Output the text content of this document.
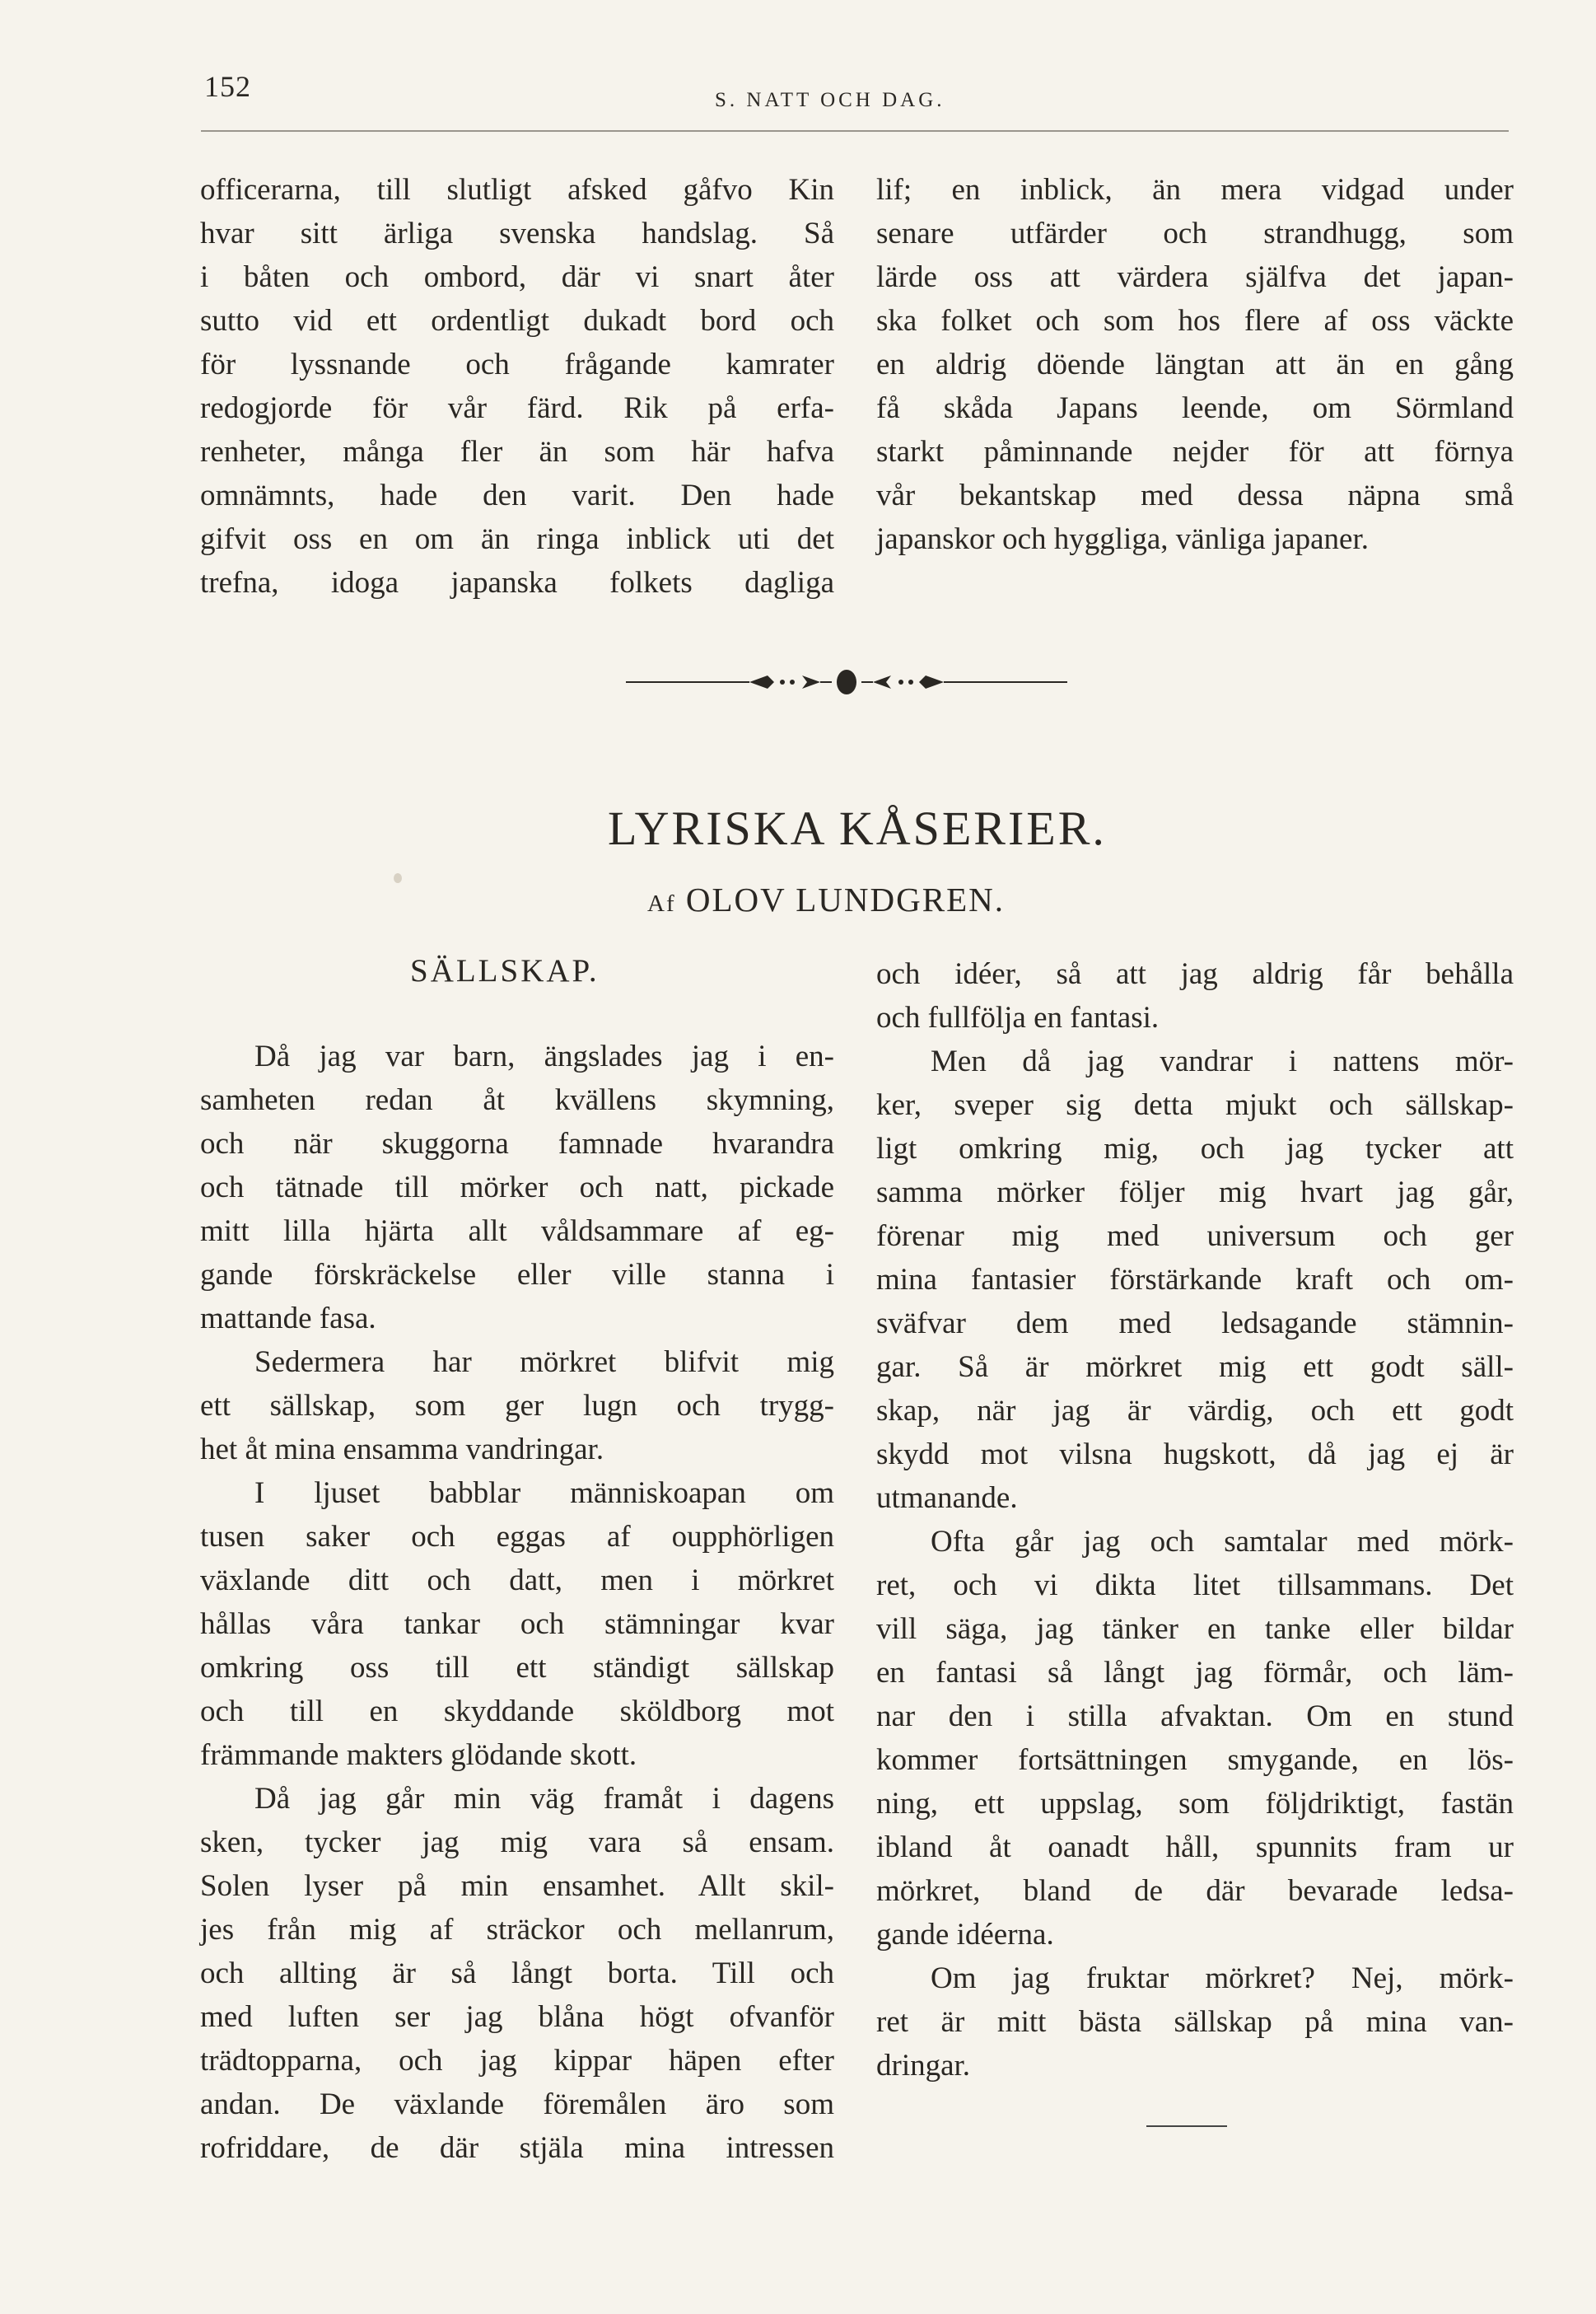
152	S. NATT OCH DAG.
officerarna, till slutligt afsked gåfvo Kin
hvar sitt ärliga svenska handslag. Så
i båten och ombord, där vi snart åter
sutto vid ett ordentligt dukadt bord och
för lyssnande och frågande kamrater
redogjorde för vår färd. Rik på erfa-
renheter, många fler än som här hafva
omnämnts, hade den varit. Den hade
gifvit oss en om än ringa inblick uti det
trefna, idoga japanska folkets dagliga
lif; en inblick, än mera vidgad under
senare utfärder och strandhugg, som
lärde oss att värdera själfva det japan-
ska folket och som hos flere af oss väckte
en aldrig döende längtan att än en gång
få skåda Japans leende, om Sörmland
starkt påminnande nejder för att förnya
vår bekantskap med dessa näpna små
japanskor och hyggliga, vänliga japaner.
LYRISKA KÅSERIER.
Af OLOV LUNDGREN.
SÄLLSKAP.
Då jag var barn, ängslades jag i en-
samheten redan åt kvällens skymning,
och när skuggorna famnade hvarandra
och tätnade till mörker och natt, pickade
mitt lilla hjärta allt våldsammare af eg-
gande förskräckelse eller ville stanna i
mattande fasa.
Sedermera har mörkret blifvit mig
ett sällskap, som ger lugn och trygg-
het åt mina ensamma vandringar.
I ljuset babblar människoapan om
tusen saker och eggas af oupphörligen
växlande ditt och datt, men i mörkret
hållas våra tankar och stämningar kvar
omkring oss till ett ständigt sällskap
och till en skyddande sköldborg mot
främmande makters glödande skott.
Då jag går min väg framåt i dagens
sken, tycker jag mig vara så ensam.
Solen lyser på min ensamhet. Allt skil-
jes från mig af sträckor och mellanrum,
och allting är så långt borta. Till och
med luften ser jag blåna högt ofvanför
trädtopparna, och jag kippar häpen efter
andan. De växlande föremålen äro som
rofriddare, de där stjäla mina intressen
och idéer, så att jag aldrig får behålla
och fullfölja en fantasi.
Men då jag vandrar i nattens mör-
ker, sveper sig detta mjukt och sällskap-
ligt omkring mig, och jag tycker att
samma mörker följer mig hvart jag går,
förenar mig med universum och ger
mina fantasier förstärkande kraft och om-
sväfvar dem med ledsagande stämnin-
gar. Så är mörkret mig ett godt säll-
skap, när jag är värdig, och ett godt
skydd mot vilsna hugskott, då jag ej är
utmanande.
Ofta går jag och samtalar med mörk-
ret, och vi dikta litet tillsammans. Det
vill säga, jag tänker en tanke eller bildar
en fantasi så långt jag förmår, och läm-
nar den i stilla afvaktan. Om en stund
kommer fortsättningen smygande, en lös-
ning, ett uppslag, som följdriktigt, fastän
ibland åt oanadt håll, spunnits fram ur
mörkret, bland de där bevarade ledsa-
gande idéerna.
Om jag fruktar mörkret? Nej, mörk-
ret är mitt bästa sällskap på mina van-
dringar.
